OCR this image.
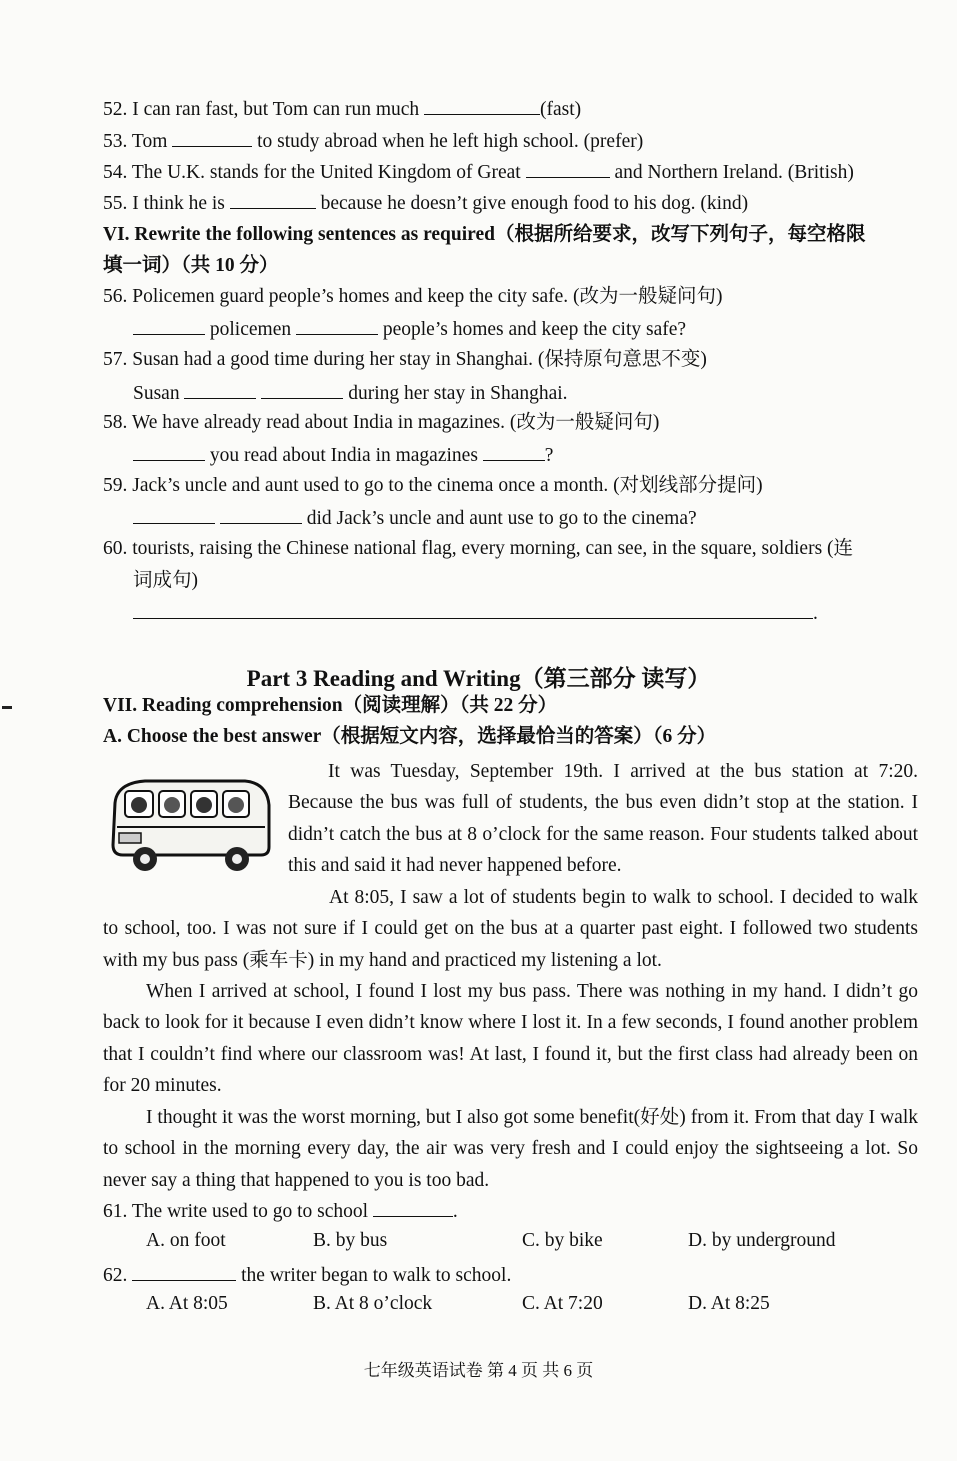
52. I can ran fast, but Tom can run much	(fast)
53. Tom	to study abroad when he left high school. (prefer)
54. The U.K. stands for the United Kingdom of Great	and Northern Ireland. (British)
55. I think he is	because he doesn’t give enough food to his dog. (kind)
VI. Rewrite the following sentences as required（根据所给要求，改写下列句子，每空格限
填一词）（共 10 分）
56. Policemen guard people’s homes and keep the city safe. (改为一般疑问句)
policemen	people’s homes and keep the city safe?
57. Susan had a good time during her stay in Shanghai. (保持原句意思不变)
Susan	during her stay in Shanghai.
58. We have already read about India in magazines. (改为一般疑问句)
you read about India in magazines	?
59. Jack’s uncle and aunt used to go to the cinema once a month. (对划线部分提问)
did Jack’s uncle and aunt use to go to the cinema?
60. tourists, raising the Chinese national flag, every morning, can see, in the square, soldiers (连
词成句)
.
Part 3 Reading and Writing（第三部分 读写）
VII. Reading comprehension（阅读理解）（共 22 分）
A. Choose the best answer（根据短文内容，选择最恰当的答案）（6 分）
It was Tuesday, September 19th. I arrived at the bus station at 7:20. Because the bus was full of students, the bus even didn’t stop at the station. I didn’t catch the bus at 8 o’clock for the same reason. Four students talked about this and said it had never happened before.
At 8:05, I saw a lot of students begin to walk to school. I decided to walk to school, too. I was not sure if I could get on the bus at a quarter past eight. I followed two students with my bus pass (乘车卡) in my hand and practiced my listening a lot.
When I arrived at school, I found I lost my bus pass. There was nothing in my hand. I didn’t go back to look for it because I even didn’t know where I lost it. In a few seconds, I found another problem that I couldn’t find where our classroom was! At last, I found it, but the first class had already been on for 20 minutes.
I thought it was the worst morning, but I also got some benefit(好处) from it. From that day I walk to school in the morning every day, the air was very fresh and I could enjoy the sightseeing a lot. So never say a thing that happened to you is too bad.
61. The write used to go to school	.
A. on foot	B. by bus	C. by bike	D. by underground
62.	the writer began to walk to school.
A. At 8:05	B. At 8 o’clock	C. At 7:20	D. At 8:25
七年级英语试卷 第 4 页 共 6 页
